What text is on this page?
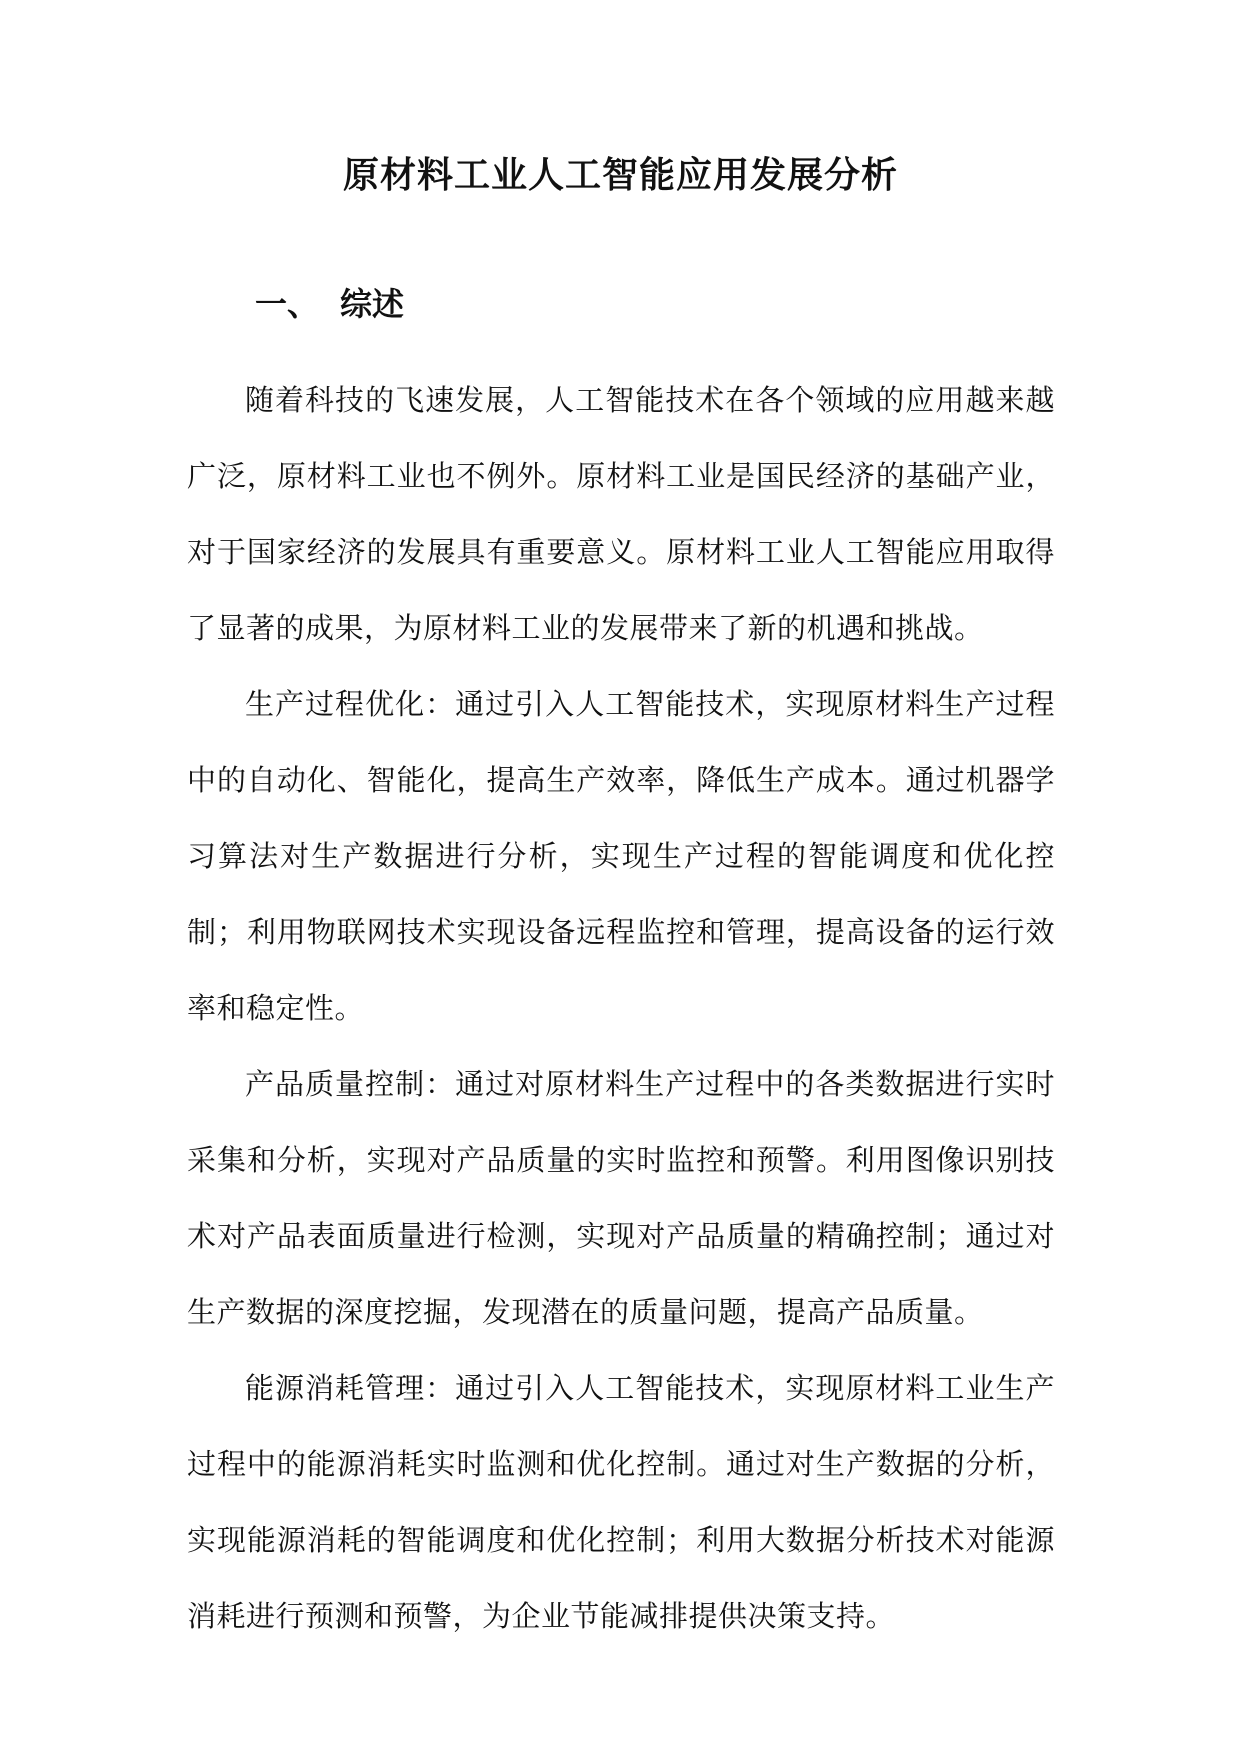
原材料工业人工智能应用发展分析
一、 综述

随着科技的飞速发展，人工智能技术在各个领域的应用越来越广泛，原材料工业也不例外。原材料工业是国民经济的基础产业，对于国家经济的发展具有重要意义。原材料工业人工智能应用取得了显著的成果，为原材料工业的发展带来了新的机遇和挑战。

生产过程优化：通过引入人工智能技术，实现原材料生产过程中的自动化、智能化，提高生产效率，降低生产成本。通过机器学习算法对生产数据进行分析，实现生产过程的智能调度和优化控制；利用物联网技术实现设备远程监控和管理，提高设备的运行效率和稳定性。

产品质量控制：通过对原材料生产过程中的各类数据进行实时采集和分析，实现对产品质量的实时监控和预警。利用图像识别技术对产品表面质量进行检测，实现对产品质量的精确控制；通过对生产数据的深度挖掘，发现潜在的质量问题，提高产品质量。

能源消耗管理：通过引入人工智能技术，实现原材料工业生产过程中的能源消耗实时监测和优化控制。通过对生产数据的分析，实现能源消耗的智能调度和优化控制；利用大数据分析技术对能源消耗进行预测和预警，为企业节能减排提供决策支持。
